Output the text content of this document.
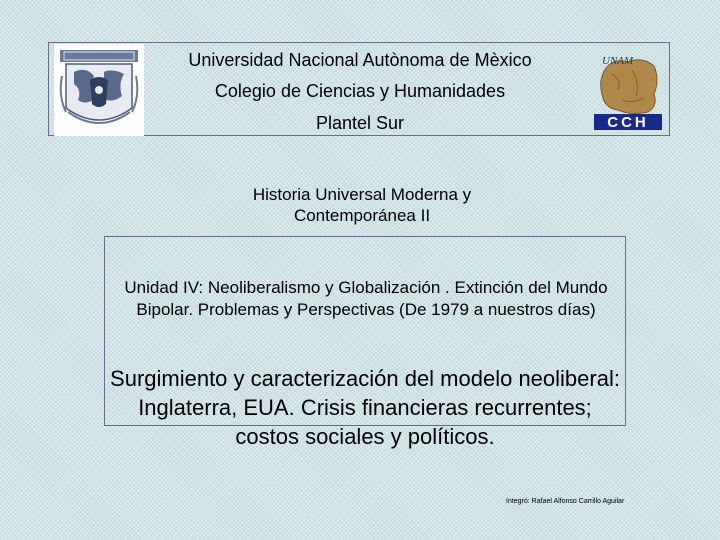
UNAM
CCH
Universidad Nacional Autònoma de Mèxico
Colegio de Ciencias y Humanidades
Plantel Sur
Historia Universal Moderna y Contemporánea II
Unidad IV: Neoliberalismo y Globalización . Extinción del Mundo Bipolar. Problemas y Perspectivas (De 1979 a nuestros días)
Surgimiento y caracterización del modelo neoliberal: Inglaterra, EUA. Crisis financieras recurrentes; costos sociales y políticos.
Integró: Rafael Alfonso Carrillo Aguilar
